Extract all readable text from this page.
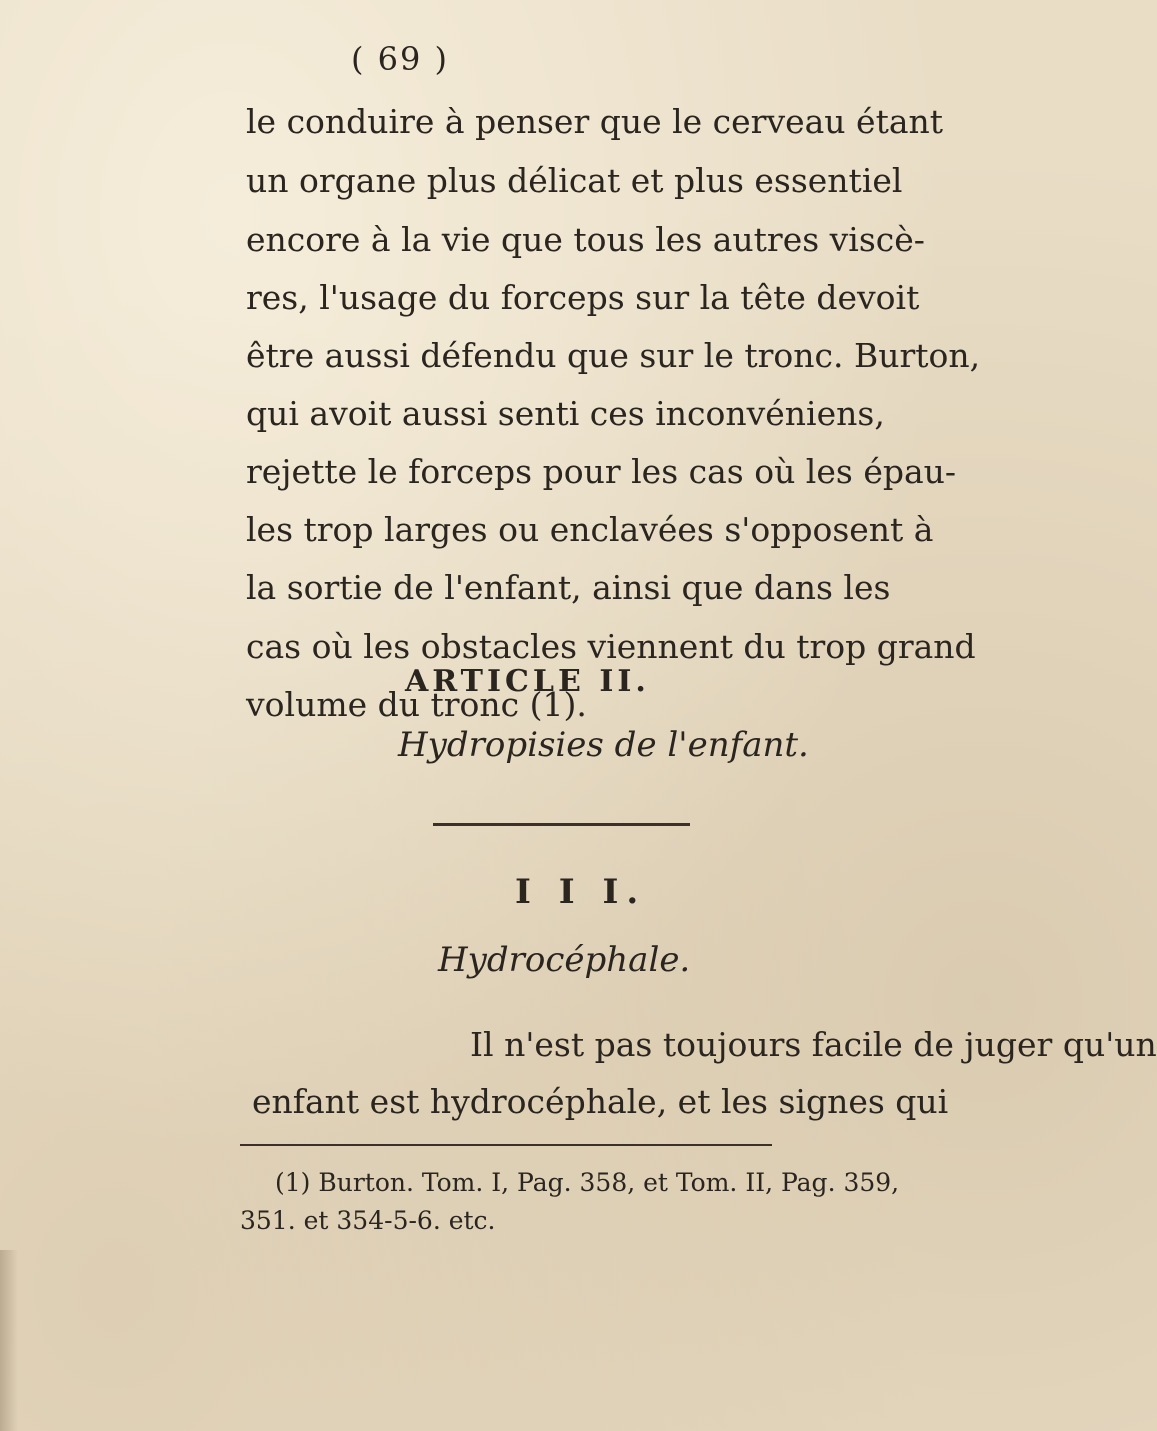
( 69 )
le conduire à penser que le cerveau étant
un organe plus délicat et plus essentiel
encore à la vie que tous les autres viscè-
res, l'usage du forceps sur la tête devoit
être aussi défendu que sur le tronc. Burton,
qui avoit aussi senti ces inconvéniens,
rejette le forceps pour les cas où les épau-
les trop larges ou enclavées s'opposent à
la sortie de l'enfant, ainsi que dans les
cas où les obstacles viennent du trop grand
volume du tronc (1).
ARTICLE II.
Hydropisies de l'enfant.
I I I.
Hydrocéphale.
Il n'est pas toujours facile de juger qu'un
enfant est hydrocéphale, et les signes qui
(1) Burton. Tom. I, Pag. 358, et Tom. II, Pag. 359,
351. et 354-5-6. etc.
